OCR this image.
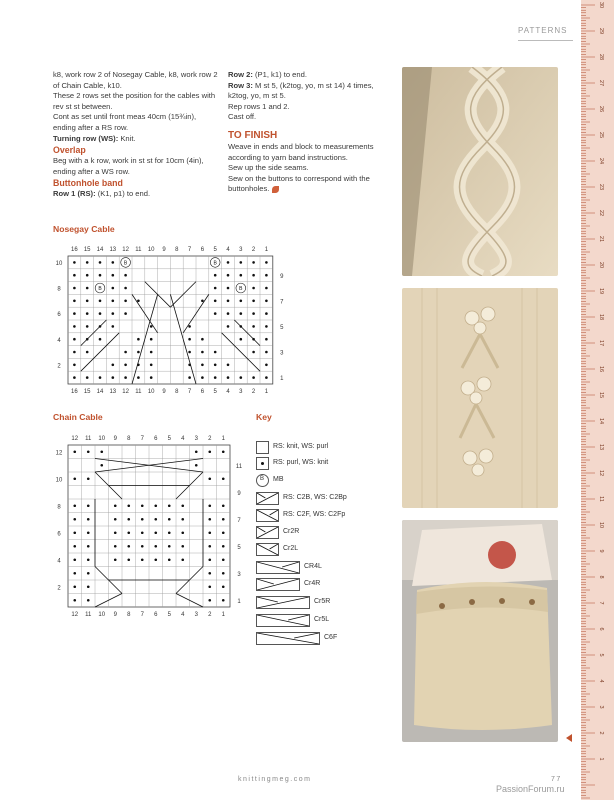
PATTERNS

k8, work row 2 of Nosegay Cable, k8, work row 2 of Chain Cable, k10.

These 2 rows set the position for the cables with rev st st between.

Cont as set until front meas 40cm (15¾in), ending after a RS row.

Turning row (WS): Knit.

Overlap

Beg with a k row, work in st st for 10cm (4in), ending after a WS row.

Buttonhole band

Row 1 (RS): (K1, p1) to end.

Row 2: (P1, k1) to end.

Row 3: M st 5, (k2tog, yo, m st 14) 4 times, k2tog, yo, m st 5.

Rep rows 1 and 2.

Cast off.

TO FINISH

Weave in ends and block to measurements according to yarn band instructions.

Sew up the side seams.

Sew on the buttons to correspond with the buttonholes.

Nosegay Cable
Chain Cable	Key
16
16
15
15
14
14
13
13
12
12
11
11
10
10
9
9
8
8
7
7
6
6
5
5
4
4
3
3
2
2
1
1
10
8
6
4
2
9
7
5
3
1
B	B
B	B
12
12
11
11
10
10
9
9
8
8
7
7
6
6
5
5
4
4
3
3
2
2
1
1
12
10
8
6
4
2
11
9
7
5
3
1
RS: knit, WS: purl
RS: purl, WS: knit
B MB
RS: C2B, WS: C2Bp
RS: C2F, WS: C2Fp
Cr2R
Cr2L
CR4L
Cr4R
Cr5R
Cr5L
C6F
30
29
28
27
26
25
24
23
22
21
20
19
18
17
16
15
14
13
12
11
10
9
8
7
6
5
4
3
2
1
knittingmeg.com	77
PassionForum.ru
